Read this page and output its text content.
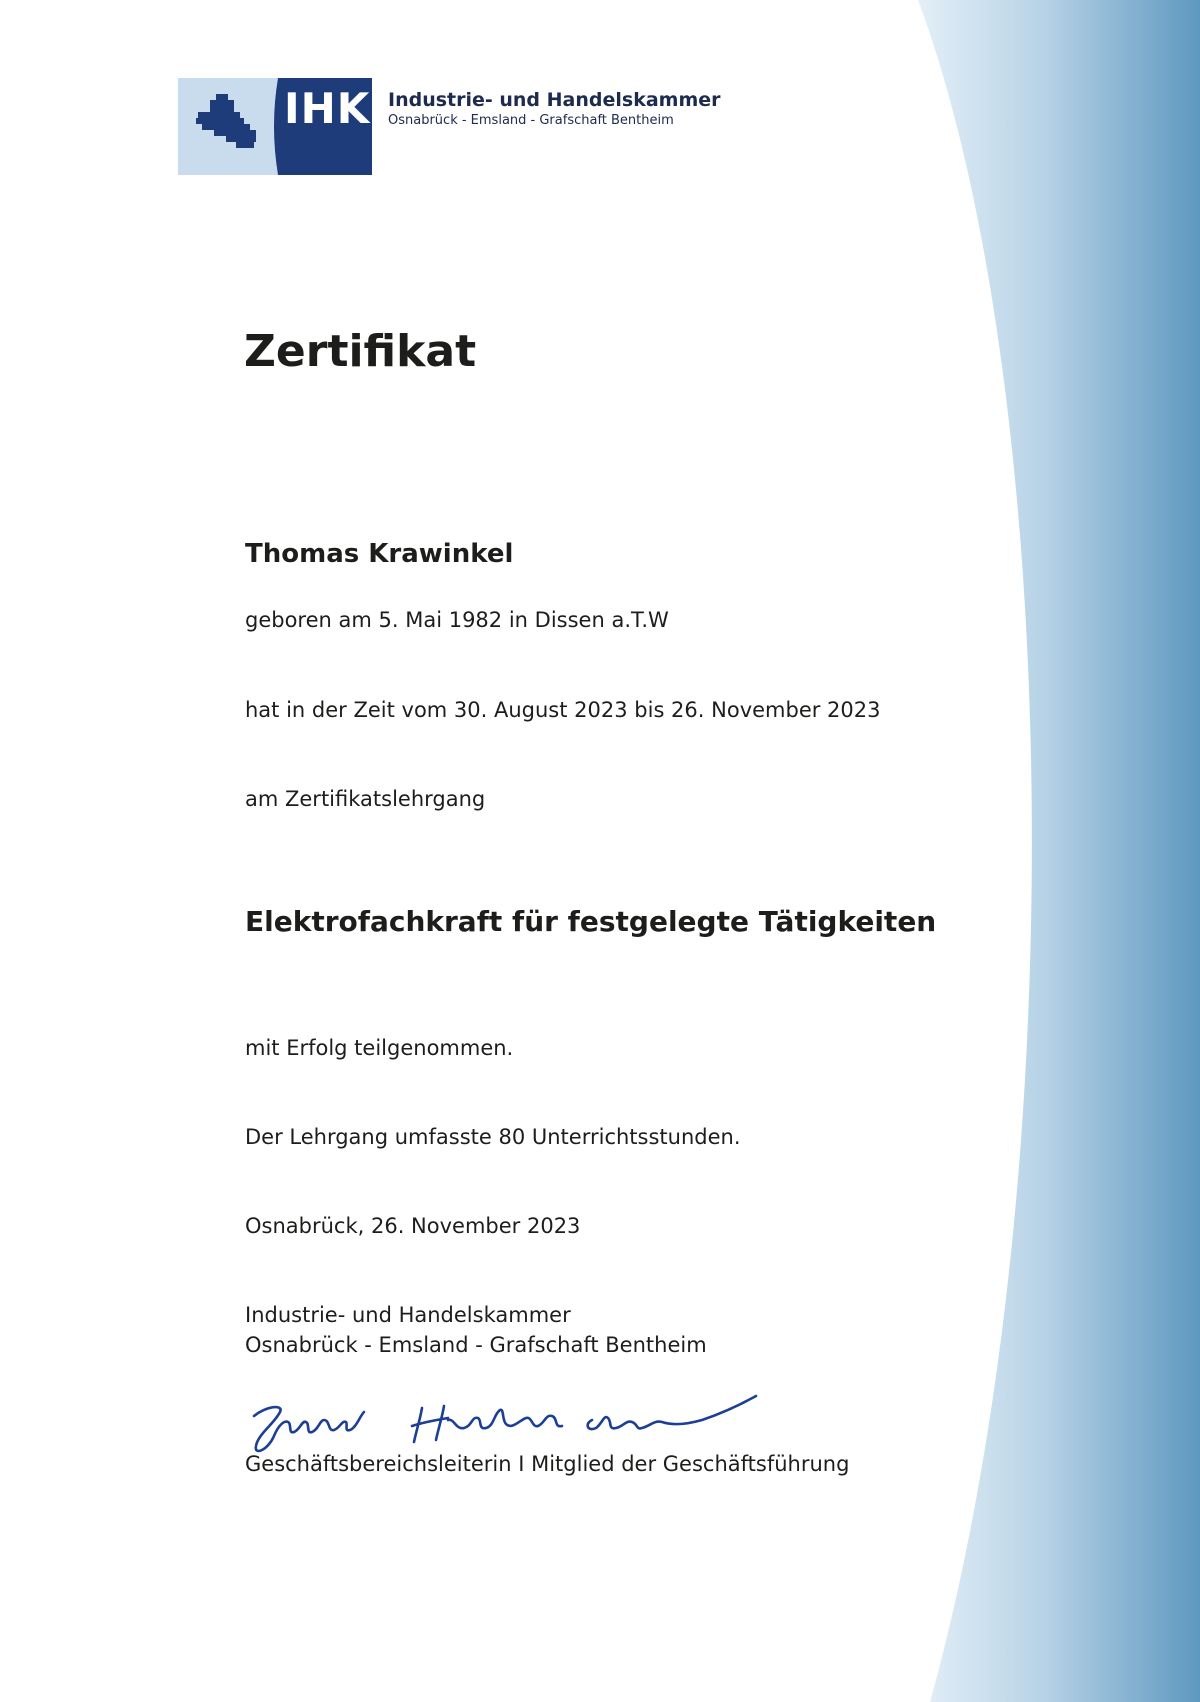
IHK Industrie- und Handelskammer
Osnabrück - Emsland - Grafschaft Bentheim
Zertifikat
Thomas Krawinkel
geboren am 5. Mai 1982 in Dissen a.T.W
hat in der Zeit vom 30. August 2023 bis 26. November 2023
am Zertifikatslehrgang
Elektrofachkraft für festgelegte Tätigkeiten
mit Erfolg teilgenommen.
Der Lehrgang umfasste 80 Unterrichtsstunden.
Osnabrück, 26. November 2023
Industrie- und Handelskammer
Osnabrück - Emsland - Grafschaft Bentheim
Geschäftsbereichsleiterin I Mitglied der Geschäftsführung
